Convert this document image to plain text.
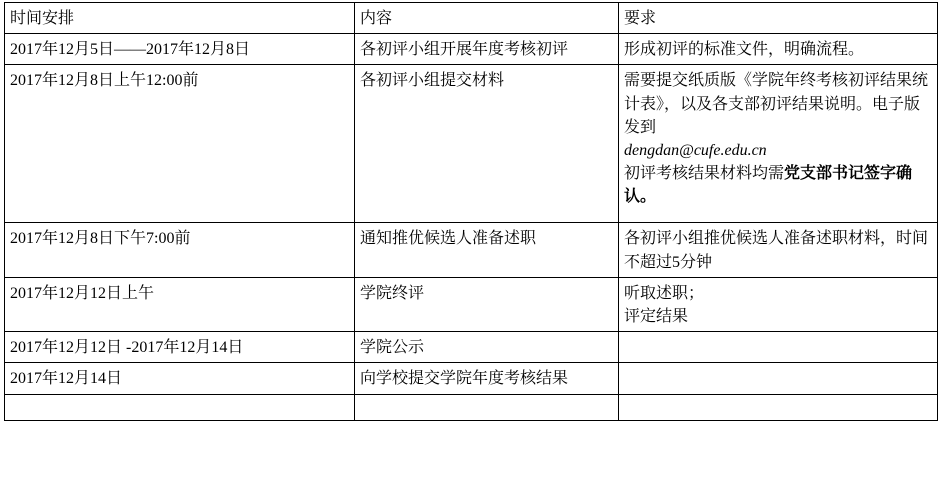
时间安排	内容	要求
2017年12月5日——2017年12月8日	各初评小组开展年度考核初评	形成初评的标准文件，明确流程。

2017年12月8日上午12:00前	各初评小组提交材料	需要提交纸质版《学院年终考核初评结果统计表》，以及各支部初评结果说明。电子版发到

dengdan@cufe.edu.cn

初评考核结果材料均需党支部书记签字确认。

2017年12月8日下午7:00前	通知推优候选人准备述职	各初评小组推优候选人准备述职材料，时间不超过5分钟

2017年12月12日上午	学院终评	听取述职；

评定结果

2017年12月12日 -2017年12月14日	学院公示	
2017年12月14日	向学校提交学院年度考核结果	
